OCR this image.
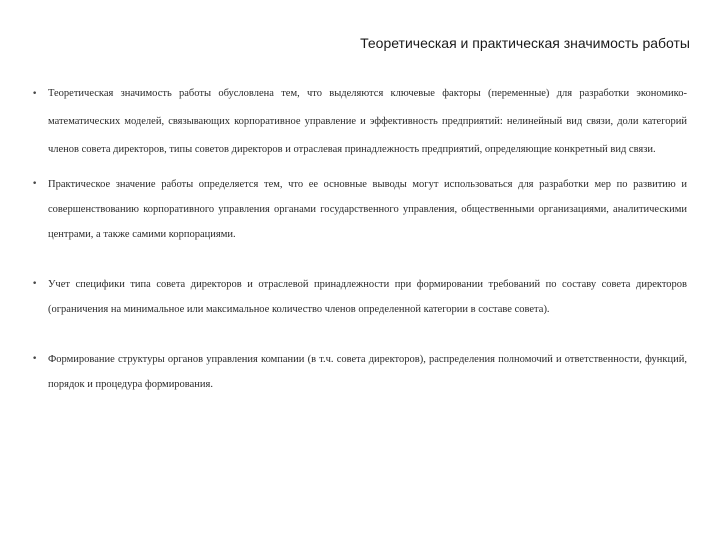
Теоретическая и практическая значимость работы
• Теоретическая значимость работы обусловлена тем, что выделяются ключевые факторы (переменные) для разработки экономико-математических моделей, связывающих корпоративное управление и эффективность предприятий: нелинейный вид связи, доли категорий членов совета директоров, типы советов директоров и отраслевая принадлежность предприятий, определяющие конкретный вид связи.
• Практическое значение работы определяется тем, что ее основные выводы могут использоваться для разработки мер по развитию и совершенствованию корпоративного управления органами государственного управления, общественными организациями, аналитическими центрами, а также самими корпорациями.
• Учет специфики типа совета директоров и отраслевой принадлежности при формировании требований по составу совета директоров (ограничения на минимальное или максимальное количество членов определенной категории в составе совета).
• Формирование структуры органов управления компании (в т.ч. совета директоров), распределения полномочий и ответственности, функций, порядок и процедура формирования.
